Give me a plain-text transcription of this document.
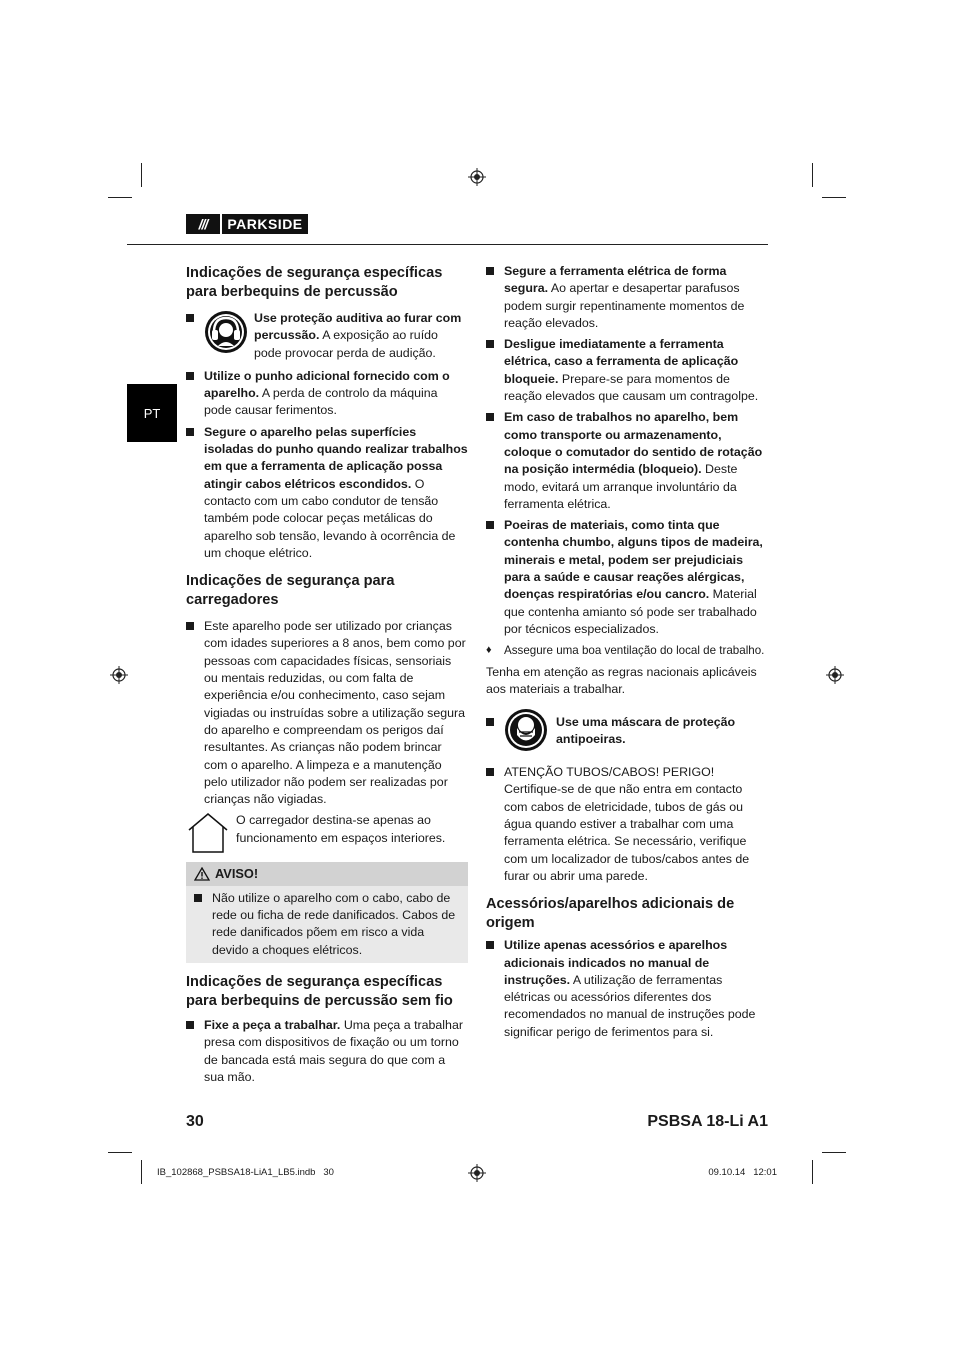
///	PARKSIDE
PT
Indicações de segurança específicas para berbequins de percussão

Use proteção auditiva ao furar com percussão. A exposição ao ruído pode provocar perda de audição.

Utilize o punho adicional fornecido com o aparelho. A perda de controlo da máquina pode causar ferimentos.

Segure o aparelho pelas superfícies isoladas do punho quando realizar trabalhos em que a ferramenta de aplicação possa atingir cabos elétricos escondidos. O contacto com um cabo condutor de tensão também pode colocar peças metálicas do aparelho sob tensão, levando à ocorrência de um choque elétrico.

Indicações de segurança para carregadores

Este aparelho pode ser utilizado por crianças com idades superiores a 8 anos, bem como por pessoas com capacidades físicas, sensoriais ou mentais reduzidas, ou com falta de experiência e/ou conhecimento, caso sejam vigiadas ou instruídas sobre a utilização segura do aparelho e compreendam os perigos daí resultantes. As crianças não podem brincar com o aparelho. A limpeza e a manutenção pelo utilizador não podem ser realizadas por crianças não vigiadas.

O carregador destina-se apenas ao funcionamento em espaços interiores.

AVISO!

Não utilize o aparelho com o cabo, cabo de rede ou ficha de rede danificados. Cabos de rede danificados põem em risco a vida devido a choques elétricos.

Indicações de segurança específicas para berbequins de percussão sem fio

Fixe a peça a trabalhar. Uma peça a trabalhar presa com dispositivos de fixação ou um torno de bancada está mais segura do que com a sua mão.

Segure a ferramenta elétrica de forma segura. Ao apertar e desapertar parafusos podem surgir repentinamente momentos de reação elevados.

Desligue imediatamente a ferramenta elétrica, caso a ferramenta de aplicação bloqueie. Prepare-se para momentos de reação elevados que causam um contragolpe.

Em caso de trabalhos no aparelho, bem como transporte ou armazenamento, coloque o comutador do sentido de rotação na posição intermédia (bloqueio). Deste modo, evitará um arranque involuntário da ferramenta elétrica.

Poeiras de materiais, como tinta que contenha chumbo, alguns tipos de madeira, minerais e metal, podem ser prejudiciais para a saúde e causar reações alérgicas, doenças respiratórias e/ou cancro. Material que contenha amianto só pode ser trabalhado por técnicos especializados.

♦ Assegure uma boa ventilação do local de trabalho.

Tenha em atenção as regras nacionais aplicáveis aos materiais a trabalhar.

Use uma máscara de proteção antipoeiras.

ATENÇÃO TUBOS/CABOS! PERIGO!

Certifique-se de que não entra em contacto com cabos de eletricidade, tubos de gás ou água quando estiver a trabalhar com uma ferramenta elétrica. Se necessário, verifique com um localizador de tubos/cabos antes de furar ou abrir uma parede.

Acessórios/aparelhos adicionais de origem

Utilize apenas acessórios e aparelhos adicionais indicados no manual de instruções. A utilização de ferramentas elétricas ou acessórios diferentes dos recomendados no manual de instruções pode significar perigo de ferimentos para si.

30	PSBSA 18-Li A1
IB_102868_PSBSA18-LiA1_LB5.indb   30	09.10.14   12:01
